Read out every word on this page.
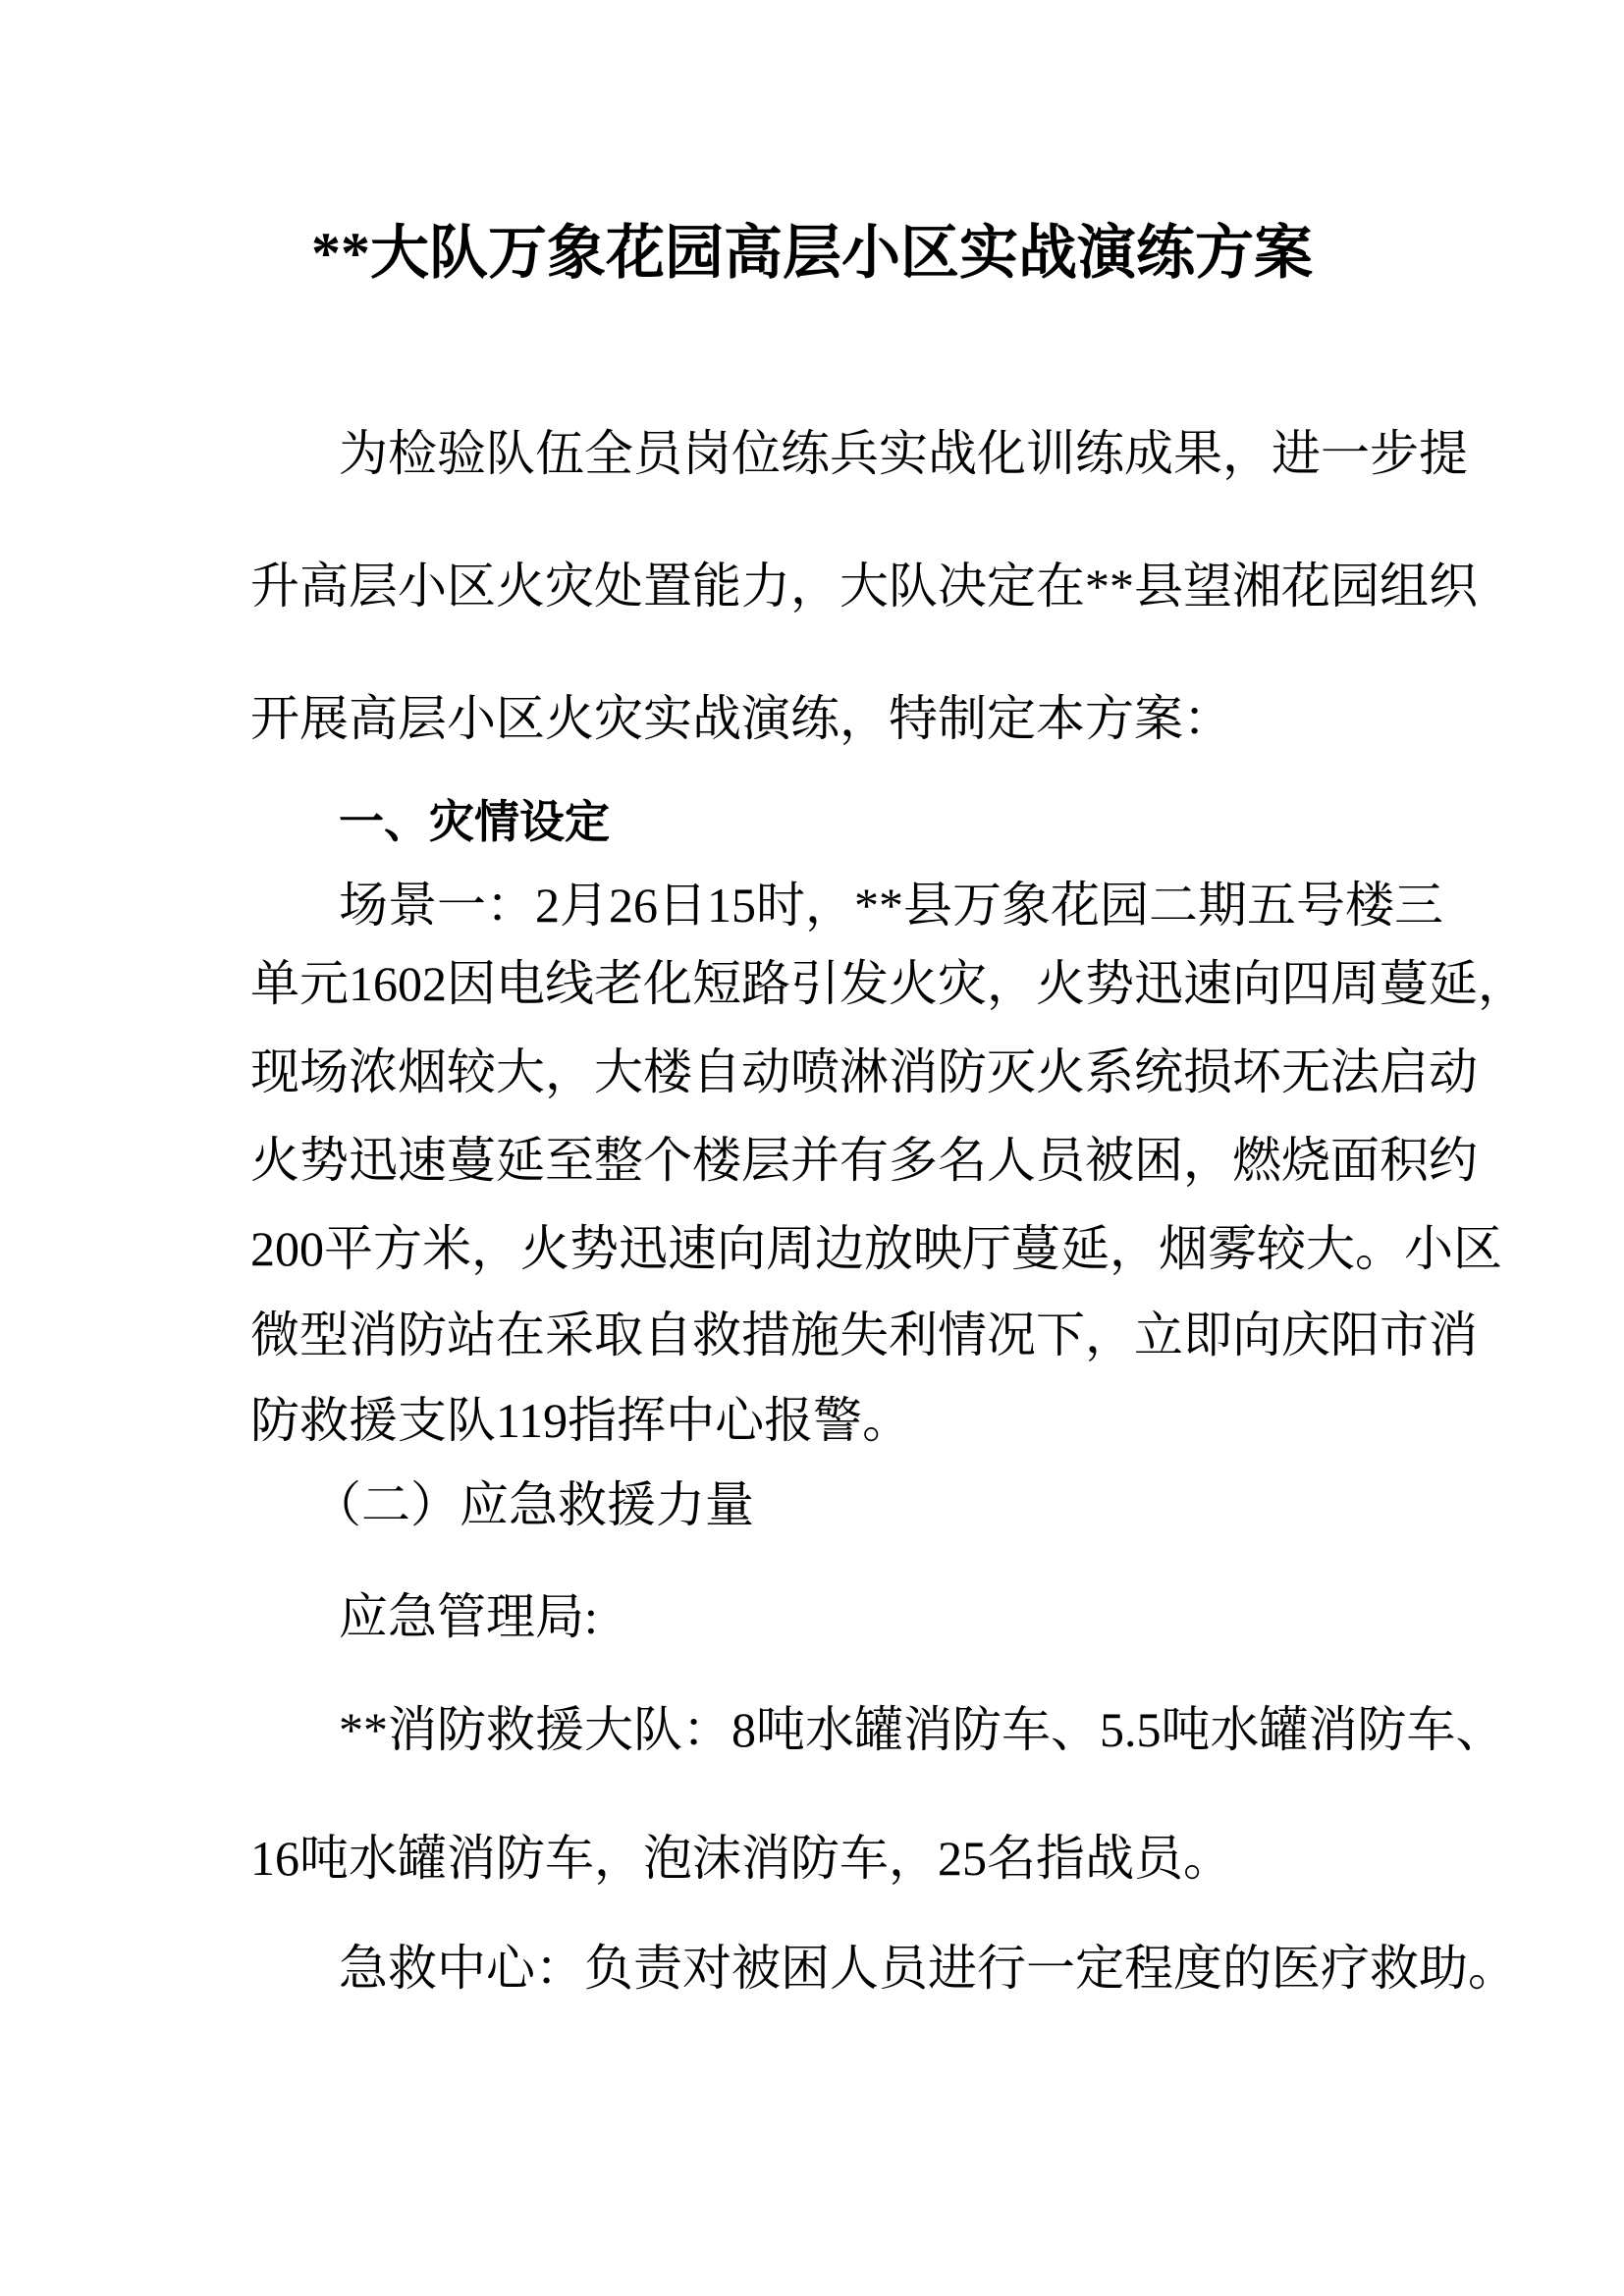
**大队万象花园高层小区实战演练方案
为检验队伍全员岗位练兵实战化训练成果，进一步提
升高层小区火灾处置能力，大队决定在**县望湘花园组织
开展高层小区火灾实战演练，特制定本方案：
一、灾情设定
场景一：2月26日15时，**县万象花园二期五号楼三
单元1602因电线老化短路引发火灾，火势迅速向四周蔓延，
现场浓烟较大，大楼自动喷淋消防灭火系统损坏无法启动
火势迅速蔓延至整个楼层并有多名人员被困，燃烧面积约
200平方米，火势迅速向周边放映厅蔓延，烟雾较大。小区
微型消防站在采取自救措施失利情况下，立即向庆阳市消
防救援支队119指挥中心报警。
（二）应急救援力量
应急管理局:
**消防救援大队：8吨水罐消防车、5.5吨水罐消防车、
16吨水罐消防车，泡沫消防车，25名指战员。
急救中心：负责对被困人员进行一定程度的医疗救助。
